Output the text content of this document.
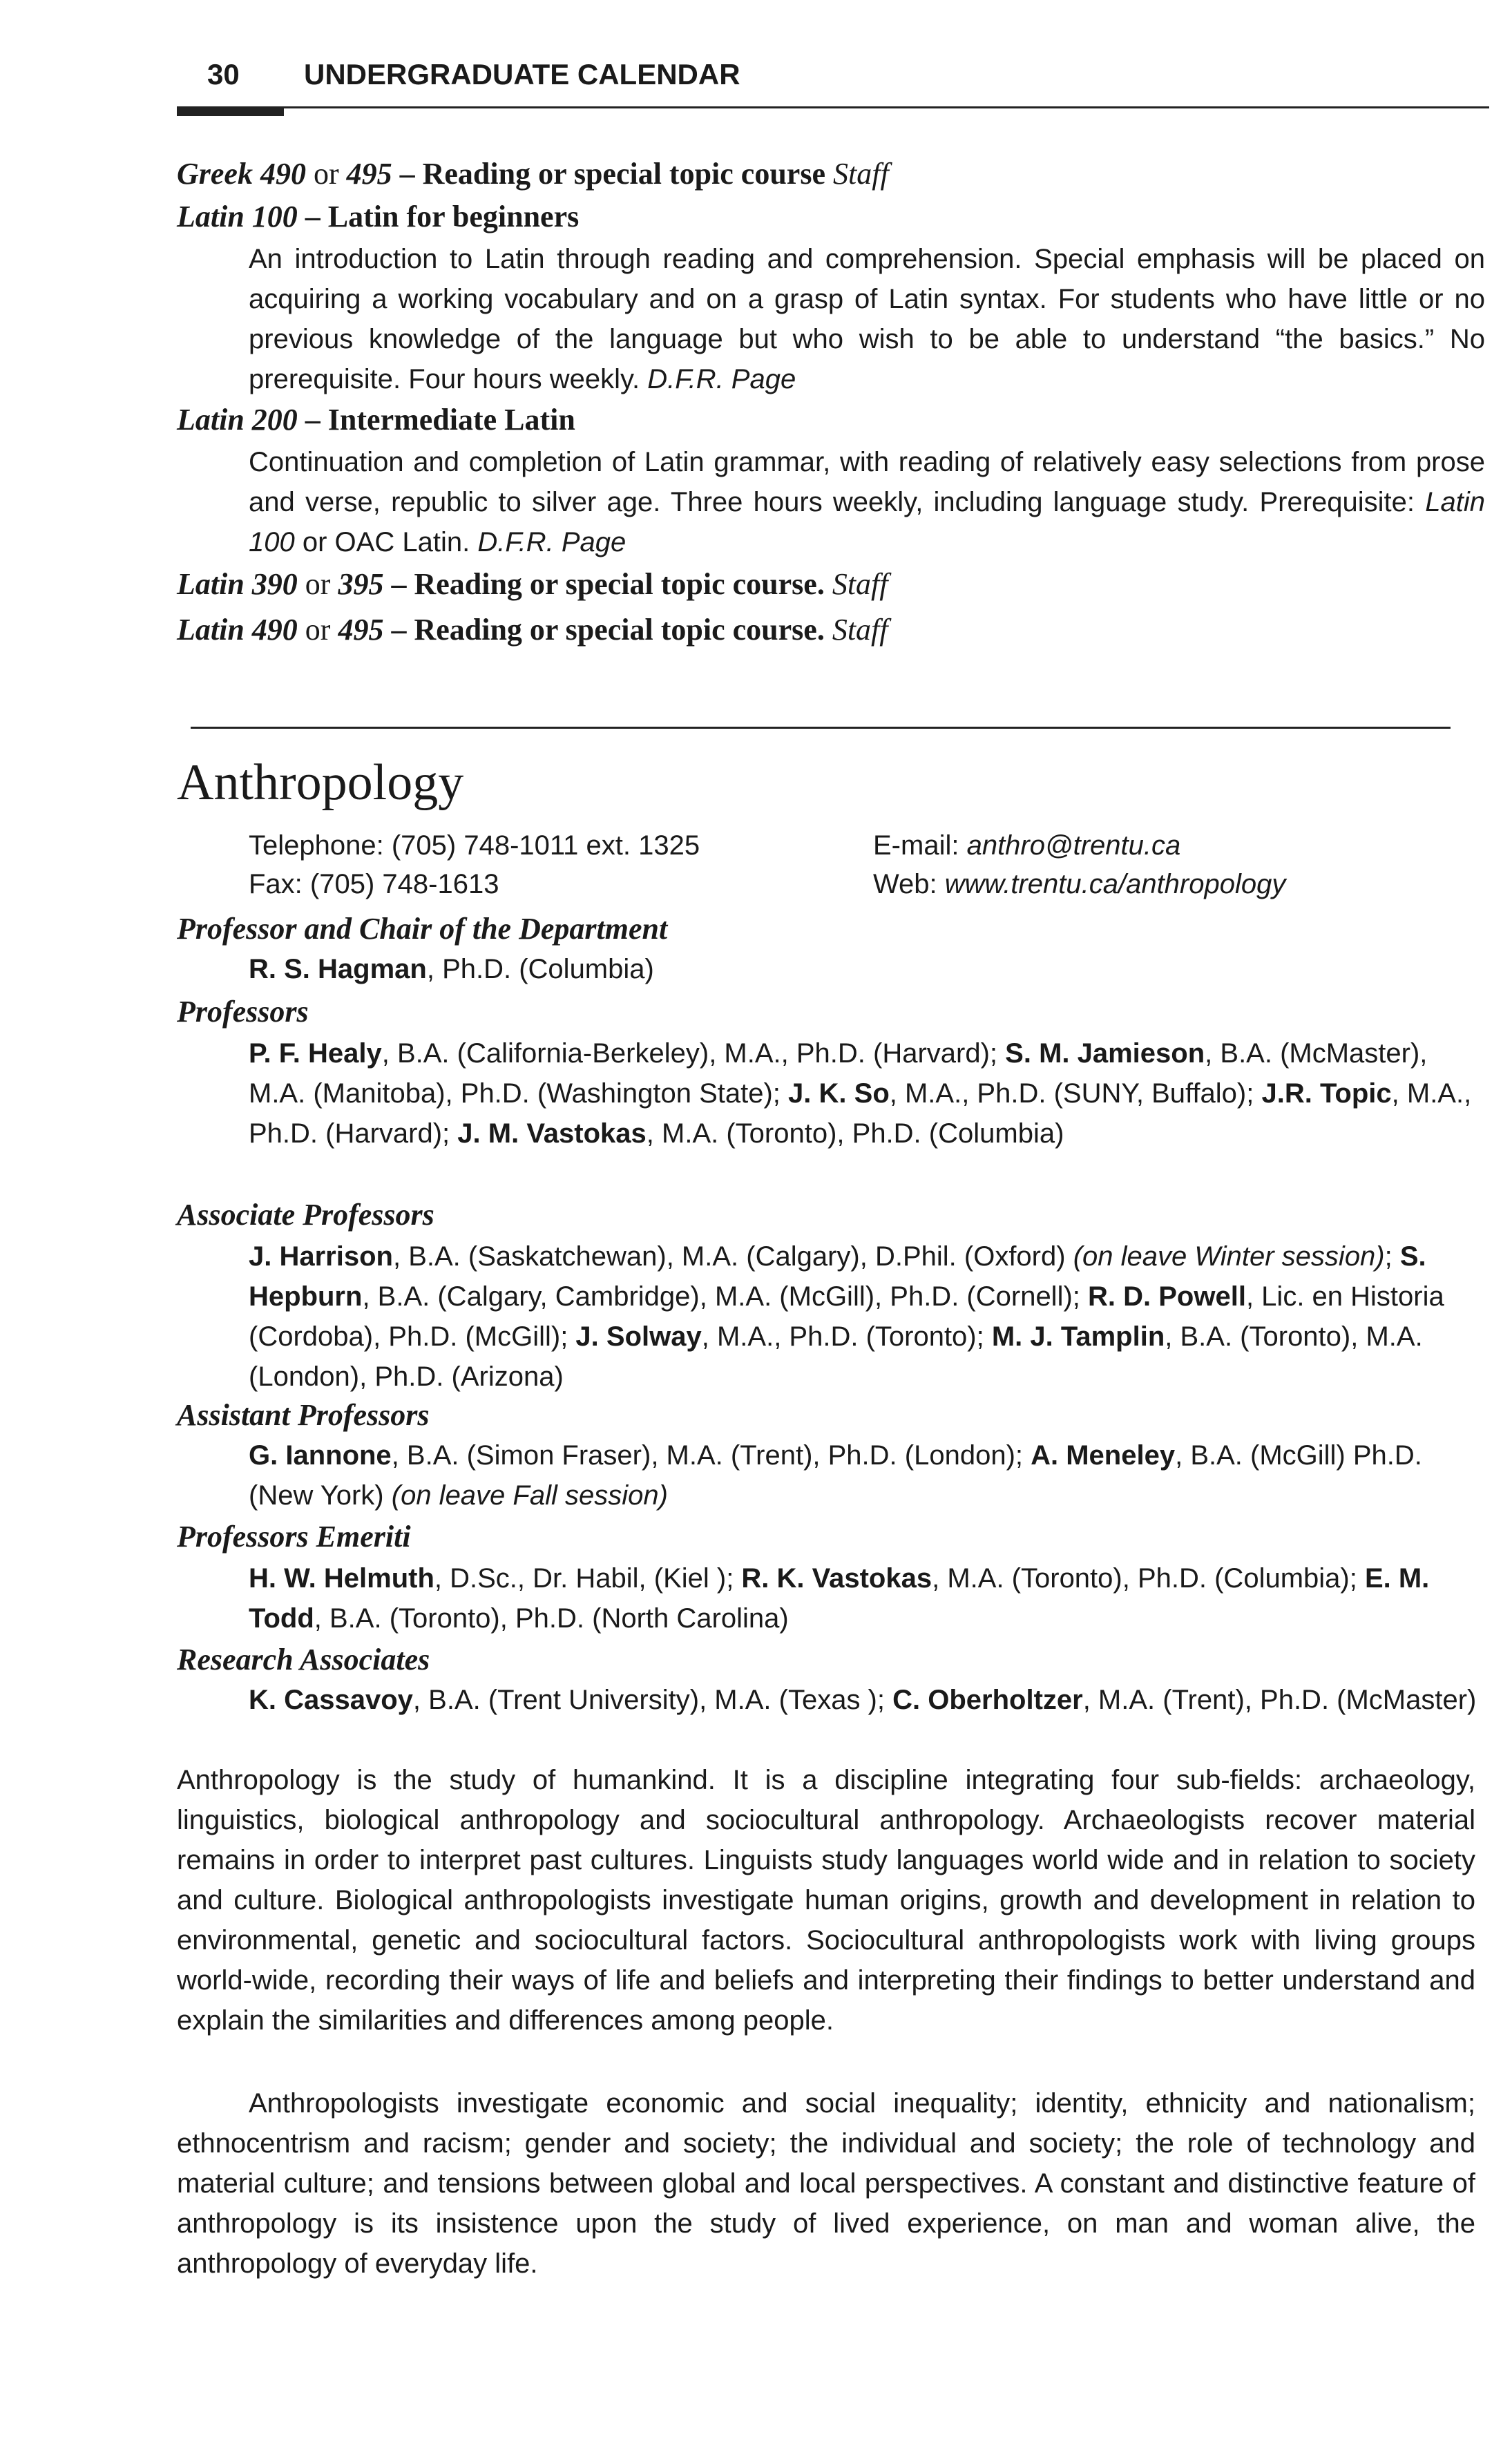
30 UNDERGRADUATE CALENDAR
Greek 490 or 495 – Reading or special topic course Staff
Latin 100 – Latin for beginners
An introduction to Latin through reading and comprehension. Special emphasis will be placed on acquiring a working vocabulary and on a grasp of Latin syntax. For students who have little or no previous knowledge of the language but who wish to be able to understand “the basics.” No prerequisite. Four hours weekly. D.F.R. Page
Latin 200 – Intermediate Latin
Continuation and completion of Latin grammar, with reading of relatively easy selections from prose and verse, republic to silver age. Three hours weekly, including language study. Prerequisite: Latin 100 or OAC Latin. D.F.R. Page
Latin 390 or 395 – Reading or special topic course. Staff
Latin 490 or 495 – Reading or special topic course. Staff
Anthropology
Telephone: (705) 748-1011 ext. 1325
Fax: (705) 748-1613
E-mail: anthro@trentu.ca
Web: www.trentu.ca/anthropology
Professor and Chair of the Department
R. S. Hagman, Ph.D. (Columbia)
Professors
P. F. Healy, B.A. (California-Berkeley), M.A., Ph.D. (Harvard); S. M. Jamieson, B.A. (McMaster), M.A. (Manitoba), Ph.D. (Washington State); J. K. So, M.A., Ph.D. (SUNY, Buffalo); J.R. Topic, M.A., Ph.D. (Harvard); J. M. Vastokas, M.A. (Toronto), Ph.D. (Columbia)
Associate Professors
J. Harrison, B.A. (Saskatchewan), M.A. (Calgary), D.Phil. (Oxford) (on leave Winter session); S. Hepburn, B.A. (Calgary, Cambridge), M.A. (McGill), Ph.D. (Cornell); R. D. Powell, Lic. en Historia (Cordoba), Ph.D. (McGill); J. Solway, M.A., Ph.D. (Toronto); M. J. Tamplin, B.A. (Toronto), M.A. (London), Ph.D. (Arizona)
Assistant Professors
G. Iannone, B.A. (Simon Fraser), M.A. (Trent), Ph.D. (London); A. Meneley, B.A. (McGill) Ph.D. (New York) (on leave Fall session)
Professors Emeriti
H. W. Helmuth, D.Sc., Dr. Habil, (Kiel ); R. K. Vastokas, M.A. (Toronto), Ph.D. (Columbia); E. M. Todd, B.A. (Toronto), Ph.D. (North Carolina)
Research Associates
K. Cassavoy, B.A. (Trent University), M.A. (Texas ); C. Oberholtzer, M.A. (Trent), Ph.D. (McMaster)
Anthropology is the study of humankind. It is a discipline integrating four sub-fields: archaeology, linguistics, biological anthropology and sociocultural anthropology. Archaeologists recover material remains in order to interpret past cultures. Linguists study languages world wide and in relation to society and culture. Biological anthropologists investigate human origins, growth and development in relation to environmental, genetic and sociocultural factors. Sociocultural anthropologists work with living groups world-wide, recording their ways of life and beliefs and interpreting their findings to better understand and explain the similarities and differences among people.
Anthropologists investigate economic and social inequality; identity, ethnicity and nationalism; ethnocentrism and racism; gender and society; the individual and society; the role of technology and material culture; and tensions between global and local perspectives. A constant and distinctive feature of anthropology is its insistence upon the study of lived experience, on man and woman alive, the anthropology of everyday life.
